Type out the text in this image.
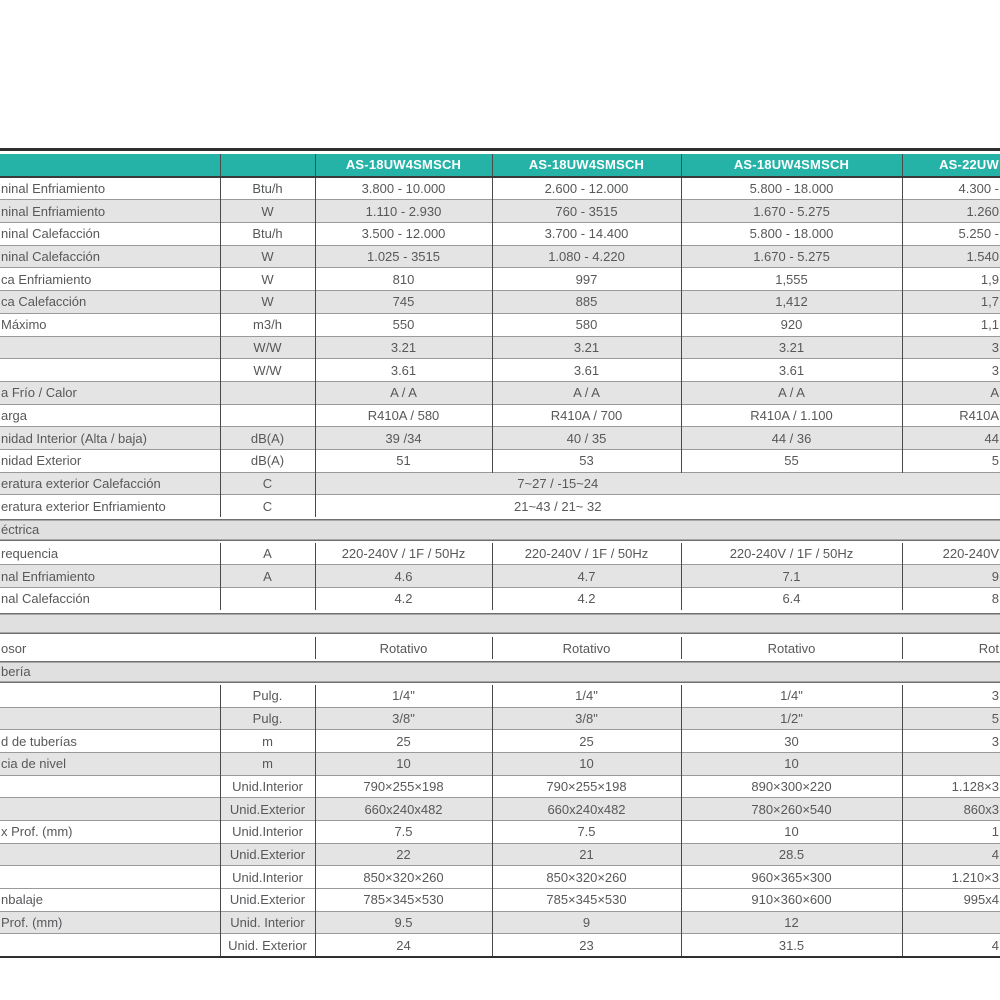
		AS-18UW4SMSCH	AS-18UW4SMSCH	AS-18UW4SMSCH	AS-22UW
ninal Enfriamiento	Btu/h	3.800 - 10.000	2.600 - 12.000	5.800 - 18.000	4.300 -
ninal Enfriamiento	W	1.110 - 2.930	760 - 3515	1.670 - 5.275	1.260
ninal Calefacción	Btu/h	3.500 - 12.000	3.700 - 14.400	5.800 - 18.000	5.250 -
ninal Calefacción	W	1.025 - 3515	1.080 - 4.220	1.670 - 5.275	1.540
ca Enfriamiento	W	810	997	1,555	1,9
ca Calefacción	W	745	885	1,412	1,7
Máximo	m3/h	550	580	920	1,1
	W/W	3.21	3.21	3.21	3
	W/W	3.61	3.61	3.61	3
a Frío / Calor		A / A	A / A	A / A	A
arga		R410A / 580	R410A / 700	R410A / 1.100	R410A
nidad Interior (Alta / baja)	dB(A)	39 /34	40 / 35	44 / 36	44
nidad Exterior	dB(A)	51	53	55	5
eratura exterior Calefacción	C	7~27 / -15~24			

eratura exterior Enfriamiento	C	21~43 / 21~ 32			

éctrica					
requencia	A	220-240V / 1F / 50Hz	220-240V / 1F / 50Hz	220-240V / 1F / 50Hz	220-240V
nal Enfriamiento	A	4.6	4.7	7.1	9
nal Calefacción		4.2	4.2	6.4	8

osor		Rotativo	Rotativo	Rotativo	Rot
bería					
	Pulg.	1/4"	1/4"	1/4"	3
	Pulg.	3/8"	3/8"	1/2"	5
d de tuberías	m	25	25	30	3
cia de nivel	m	10	10	10	
	Unid.Interior	790×255×198	790×255×198	890×300×220	1.128×3
	Unid.Exterior	660x240x482	660x240x482	780×260×540	860x3
x Prof. (mm)	Unid.Interior	7.5	7.5	10	1
	Unid.Exterior	22	21	28.5	4
	Unid.Interior	850×320×260	850×320×260	960×365×300	1.210×3
nbalaje	Unid.Exterior	785×345×530	785×345×530	910×360×600	995x4
Prof. (mm)	Unid. Interior	9.5	9	12	
	Unid. Exterior	24	23	31.5	4
